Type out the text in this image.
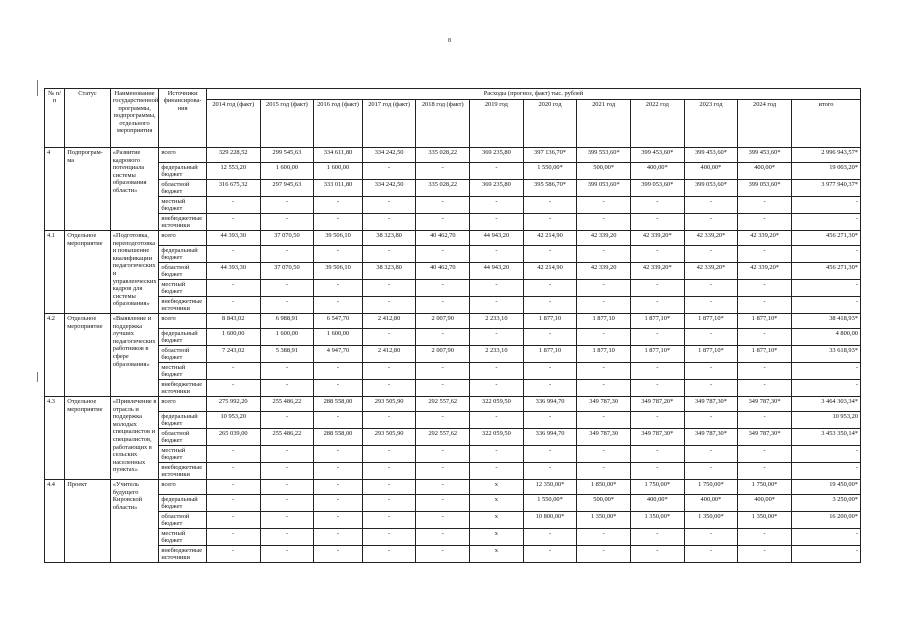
8
№ п/п	Статус	Наименование государственной программы, подпрограммы, отдельного мероприятия	Источники финансирова-ния	Расходы (прогноз, факт) тыс. рублей											
				2014 год (факт)	2015 год (факт)	2016 год (факт)	2017 год (факт)	2018 год (факт)	2019 год	2020 год	2021 год	2022 год	2023 год	2024 год	итого
4	Подпрограм-ма	«Развитие кадрового потенциала системы образования области»	всего	329 228,52	299 545,63	334 611,80	334 242,50	335 028,22	369 235,80	397 136,70*	399 553,60*	399 453,60*	399 453,60*	399 453,60*	2 996 943,57*
			федеральный бюджет	12 553,20	1 600,00	1 600,00	-	-	-	1 550,00*	500,00*	400,00*	400,00*	400,00*	19 003,20*
			областной бюджет	316 675,32	297 945,63	333 011,80	334 242,50	335 028,22	369 235,80	395 586,70*	399 053,60*	399 053,60*	399 053,60*	399 053,60*	3 977 940,37*
			местный бюджет	-	-	-	-	-	-	-	-	-	-	-	-
			внебюджетные источники	-	-	-	-	-	-	-	-	-	-	-	-
4.1	Отдельное мероприятие	«Подготовка, переподготовка и повышение квалификации педагогических и управленческих кадров для системы образования»	всего	44 393,30	37 070,50	39 506,10	38 323,80	40 462,70	44 943,20	42 214,90	42 339,20	42 339,20*	42 339,20*	42 339,20*	456 271,30*
			федеральный бюджет	-	-	-	-	-	-	-	-	-	-	-	-
			областной бюджет	44 393,30	37 070,50	39 506,10	38 323,80	40 462,70	44 943,20	42 214,90	42 339,20	42 339,20*	42 339,20*	42 339,20*	456 271,30*
			местный бюджет	-	-	-	-	-	-	-	-	-	-	-	-
			внебюджетные источники	-	-	-	-	-	-	-	-	-	-	-	-
4.2	Отдельное мероприятие	«Выявление и поддержка лучших педагогических работников в сфере образования»	всего	8 843,02	6 988,91	6 547,70	2 412,80	2 007,90	2 233,10	1 877,10	1 877,10	1 877,10*	1 877,10*	1 877,10*	38 418,93*
			федеральный бюджет	1 600,00	1 600,00	1 600,00	-	-	-	-	-	-	-	-	4 800,00
			областной бюджет	7 243,02	5 388,91	4 947,70	2 412,80	2 007,90	2 233,10	1 877,10	1 877,10	1 877,10*	1 877,10*	1 877,10*	33 618,93*
			местный бюджет	-	-	-	-	-	-	-	-	-	-	-	-
			внебюджетные источники	-	-	-	-	-	-	-	-	-	-	-	-
4.3	Отдельное мероприятие	«Привлечение в отрасль и поддержка молодых специалистов и специалистов, работающих в сельских населенных пунктах»	всего	275 992,20	255 486,22	288 558,00	293 505,90	292 557,62	322 059,50	336 994,70	349 787,30	349 787,20*	349 787,30*	349 787,30*	3 464 303,34*
			федеральный бюджет	10 953,20	-	-	-	-	-	-	-	-	-	-	10 953,20
			областной бюджет	265 039,00	255 486,22	288 558,00	293 505,90	292 557,62	322 059,50	336 994,70	349 787,30	349 787,30*	349 787,30*	349 787,30*	3 453 350,14*
			местный бюджет	-	-	-	-	-	-	-	-	-	-	-	-
			внебюджетные источники	-	-	-	-	-	-	-	-	-	-	-	-
4.4	Проект	«Учитель будущего Кировской области»	всего	-	-	-	-	-	х	12 350,00*	1 850,00*	1 750,00*	1 750,00*	1 750,00*	19 450,00*
			федеральный бюджет	-	-	-	-	-	х	1 550,00*	500,00*	400,00*	400,00*	400,00*	3 250,00*
			областной бюджет	-	-	-	-	-	х	10 800,00*	1 350,00*	1 350,00*	1 350,00*	1 350,00*	16 200,00*
			местный бюджет	-	-	-	-	-	х	-	-	-	-	-	-
			внебюджетные источники	-	-	-	-	-	х	-	-	-	-	-	-
